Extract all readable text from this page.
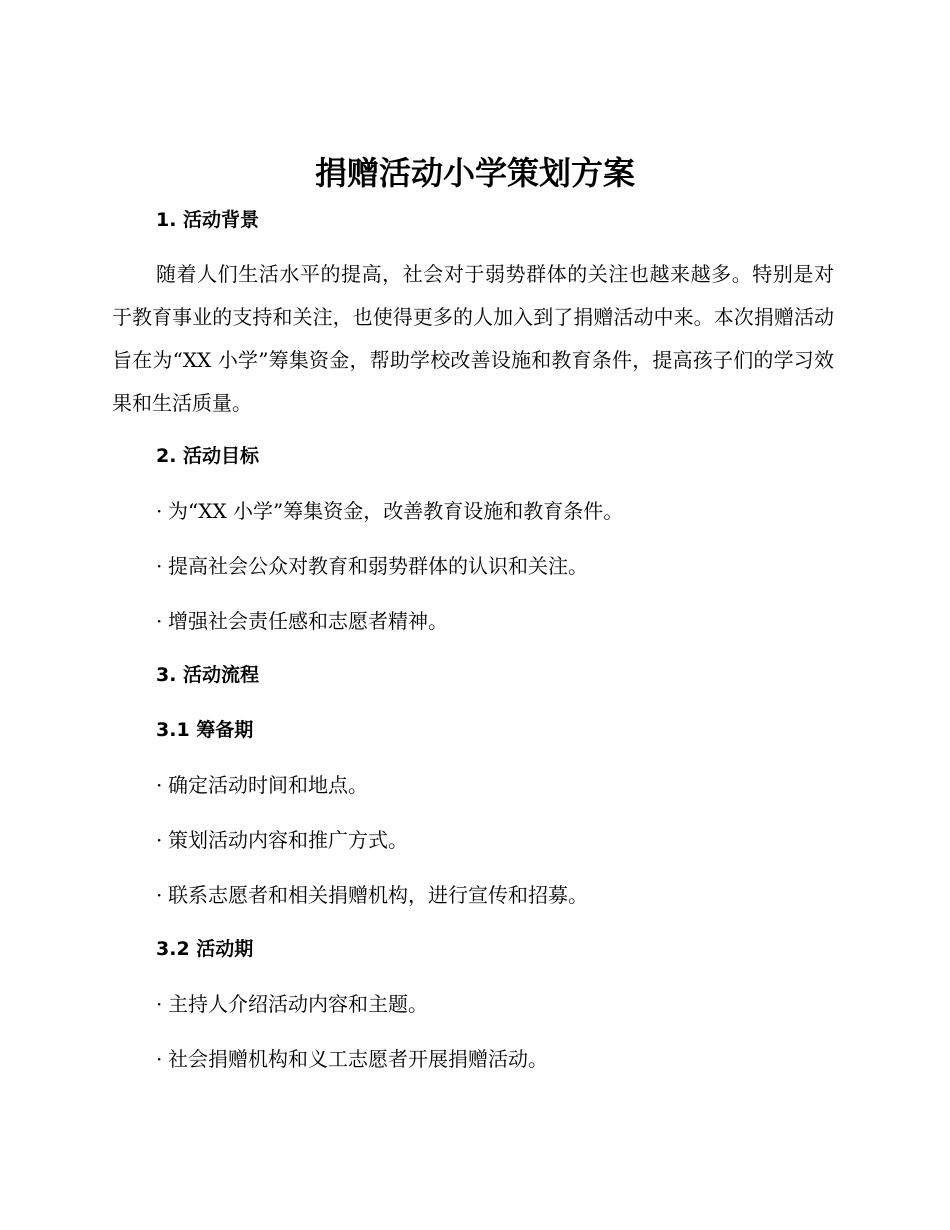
捐赠活动小学策划方案
1. 活动背景
随着人们生活水平的提高，社会对于弱势群体的关注也越来越多。特别是对于教育事业的支持和关注，也使得更多的人加入到了捐赠活动中来。本次捐赠活动旨在为“XX 小学”筹集资金，帮助学校改善设施和教育条件，提高孩子们的学习效果和生活质量。
2. 活动目标
· 为“XX 小学”筹集资金，改善教育设施和教育条件。
· 提高社会公众对教育和弱势群体的认识和关注。
· 增强社会责任感和志愿者精神。
3. 活动流程
3.1 筹备期
· 确定活动时间和地点。
· 策划活动内容和推广方式。
· 联系志愿者和相关捐赠机构，进行宣传和招募。
3.2 活动期
· 主持人介绍活动内容和主题。
· 社会捐赠机构和义工志愿者开展捐赠活动。
